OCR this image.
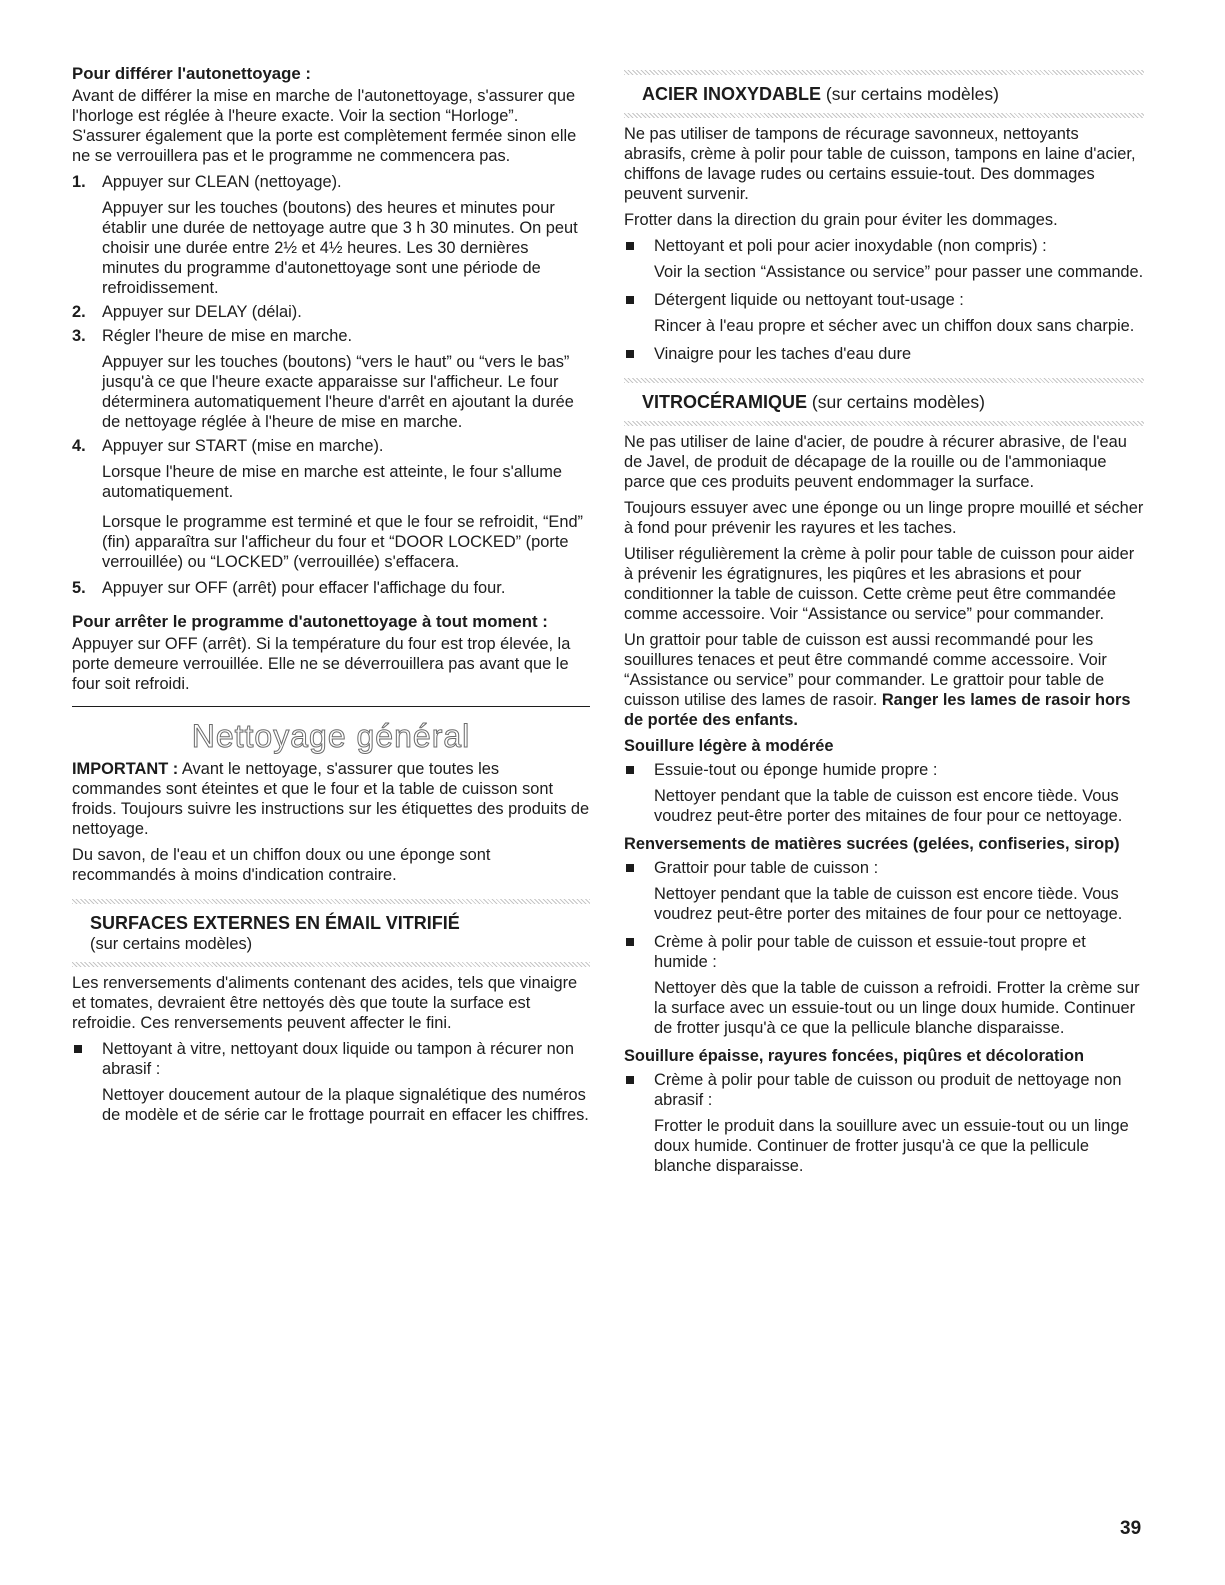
Pour différer l'autonettoyage :

Avant de différer la mise en marche de l'autonettoyage, s'assurer que l'horloge est réglée à l'heure exacte. Voir la section “Horloge”. S'assurer également que la porte est complètement fermée sinon elle ne se verrouillera pas et le programme ne commencera pas.

1. Appuyer sur CLEAN (nettoyage).
Appuyer sur les touches (boutons) des heures et minutes pour établir une durée de nettoyage autre que 3 h 30 minutes. On peut choisir une durée entre 2½ et 4½ heures. Les 30 dernières minutes du programme d'autonettoyage sont une période de refroidissement.
2. Appuyer sur DELAY (délai).
3. Régler l'heure de mise en marche.
Appuyer sur les touches (boutons) “vers le haut” ou “vers le bas” jusqu'à ce que l'heure exacte apparaisse sur l'afficheur. Le four déterminera automatiquement l'heure d'arrêt en ajoutant la durée de nettoyage réglée à l'heure de mise en marche.
4. Appuyer sur START (mise en marche).
Lorsque l'heure de mise en marche est atteinte, le four s'allume automatiquement.
Lorsque le programme est terminé et que le four se refroidit, “End” (fin) apparaîtra sur l'afficheur du four et “DOOR LOCKED” (porte verrouillée) ou “LOCKED” (verrouillée) s'effacera.
5. Appuyer sur OFF (arrêt) pour effacer l'affichage du four.
Pour arrêter le programme d'autonettoyage à tout moment :

Appuyer sur OFF (arrêt). Si la température du four est trop élevée, la porte demeure verrouillée. Elle ne se déverrouillera pas avant que le four soit refroidi.

Nettoyage général

IMPORTANT : Avant le nettoyage, s'assurer que toutes les commandes sont éteintes et que le four et la table de cuisson sont froids. Toujours suivre les instructions sur les étiquettes des produits de nettoyage.

Du savon, de l'eau et un chiffon doux ou une éponge sont recommandés à moins d'indication contraire.

SURFACES EXTERNES EN ÉMAIL VITRIFIÉ
(sur certains modèles)

Les renversements d'aliments contenant des acides, tels que vinaigre et tomates, devraient être nettoyés dès que toute la surface est refroidie. Ces renversements peuvent affecter le fini.

Nettoyant à vitre, nettoyant doux liquide ou tampon à récurer non abrasif :

Nettoyer doucement autour de la plaque signalétique des numéros de modèle et de série car le frottage pourrait en effacer les chiffres.

ACIER INOXYDABLE (sur certains modèles)

Ne pas utiliser de tampons de récurage savonneux, nettoyants abrasifs, crème à polir pour table de cuisson, tampons en laine d'acier, chiffons de lavage rudes ou certains essuie-tout. Des dommages peuvent survenir.

Frotter dans la direction du grain pour éviter les dommages.

Nettoyant et poli pour acier inoxydable (non compris) :

Voir la section “Assistance ou service” pour passer une commande.

Détergent liquide ou nettoyant tout-usage :

Rincer à l'eau propre et sécher avec un chiffon doux sans charpie.

Vinaigre pour les taches d'eau dure
VITROCÉRAMIQUE (sur certains modèles)

Ne pas utiliser de laine d'acier, de poudre à récurer abrasive, de l'eau de Javel, de produit de décapage de la rouille ou de l'ammoniaque parce que ces produits peuvent endommager la surface.

Toujours essuyer avec une éponge ou un linge propre mouillé et sécher à fond pour prévenir les rayures et les taches.

Utiliser régulièrement la crème à polir pour table de cuisson pour aider à prévenir les égratignures, les piqûres et les abrasions et pour conditionner la table de cuisson. Cette crème peut être commandée comme accessoire. Voir “Assistance ou service” pour commander.

Un grattoir pour table de cuisson est aussi recommandé pour les souillures tenaces et peut être commandé comme accessoire. Voir “Assistance ou service” pour commander. Le grattoir pour table de cuisson utilise des lames de rasoir. Ranger les lames de rasoir hors de portée des enfants.

Souillure légère à modérée
Essuie-tout ou éponge humide propre :

Nettoyer pendant que la table de cuisson est encore tiède. Vous voudrez peut-être porter des mitaines de four pour ce nettoyage.

Renversements de matières sucrées (gelées, confiseries, sirop)
Grattoir pour table de cuisson :

Nettoyer pendant que la table de cuisson est encore tiède. Vous voudrez peut-être porter des mitaines de four pour ce nettoyage.

Crème à polir pour table de cuisson et essuie-tout propre et humide :

Nettoyer dès que la table de cuisson a refroidi. Frotter la crème sur la surface avec un essuie-tout ou un linge doux humide. Continuer de frotter jusqu'à ce que la pellicule blanche disparaisse.

Souillure épaisse, rayures foncées, piqûres et décoloration
Crème à polir pour table de cuisson ou produit de nettoyage non abrasif :

Frotter le produit dans la souillure avec un essuie-tout ou un linge doux humide. Continuer de frotter jusqu'à ce que la pellicule blanche disparaisse.

39
